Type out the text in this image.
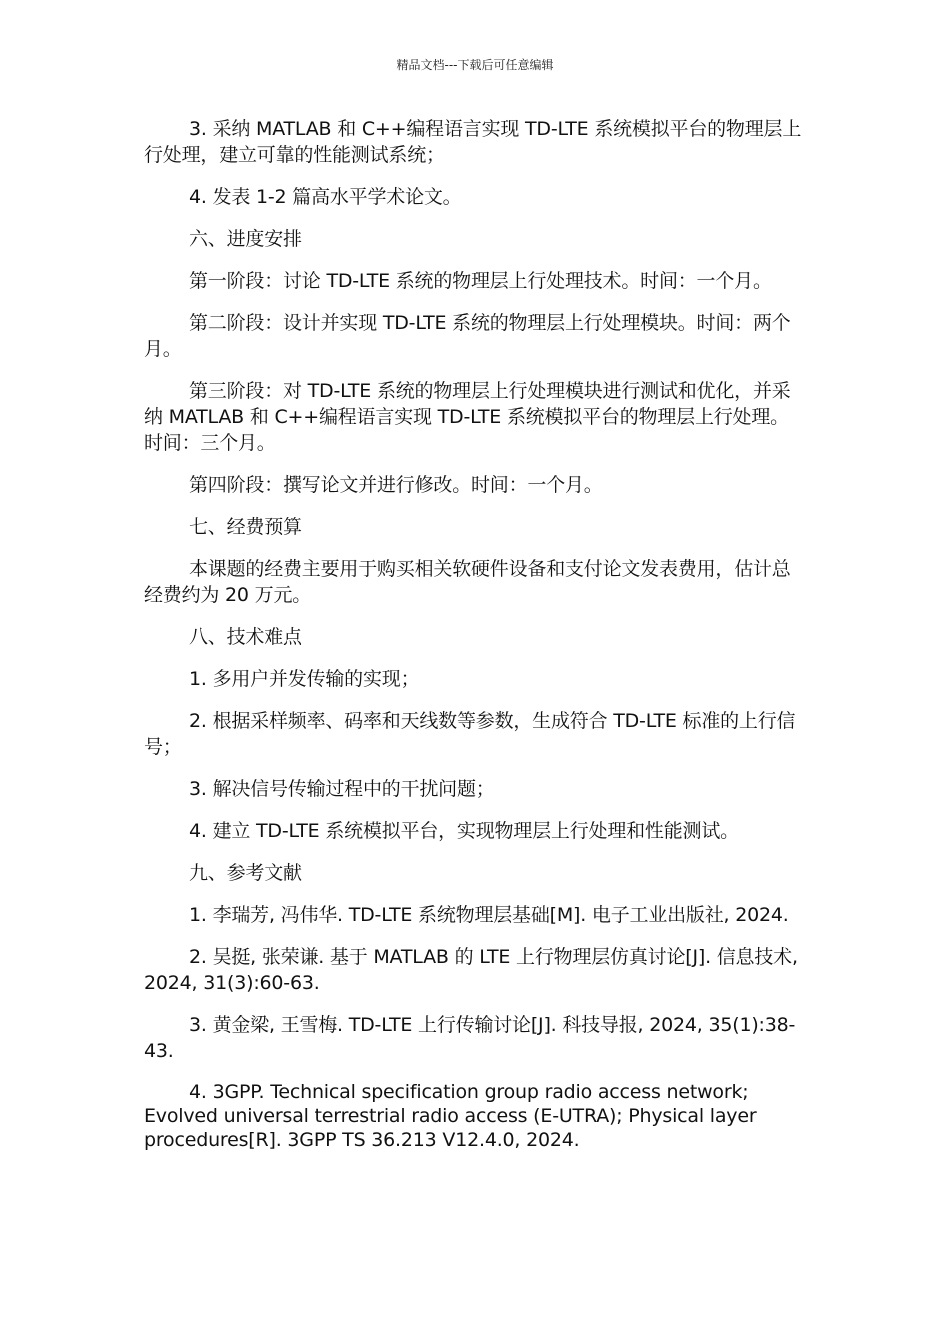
精品文档---下载后可任意编辑

3. 采纳 MATLAB 和 C++编程语言实现 TD-LTE 系统模拟平台的物理层上行处理，建立可靠的性能测试系统；

4. 发表 1-2 篇高水平学术论文。

六、进度安排

第一阶段：讨论 TD-LTE 系统的物理层上行处理技术。时间：一个月。

第二阶段：设计并实现 TD-LTE 系统的物理层上行处理模块。时间：两个月。

第三阶段：对 TD-LTE 系统的物理层上行处理模块进行测试和优化，并采纳 MATLAB 和 C++编程语言实现 TD-LTE 系统模拟平台的物理层上行处理。时间：三个月。

第四阶段：撰写论文并进行修改。时间：一个月。

七、经费预算

本课题的经费主要用于购买相关软硬件设备和支付论文发表费用，估计总经费约为 20 万元。

八、技术难点

1. 多用户并发传输的实现；

2. 根据采样频率、码率和天线数等参数，生成符合 TD-LTE 标准的上行信号；

3. 解决信号传输过程中的干扰问题；

4. 建立 TD-LTE 系统模拟平台，实现物理层上行处理和性能测试。

九、参考文献

1. 李瑞芳, 冯伟华. TD-LTE 系统物理层基础[M]. 电子工业出版社, 2024.

2. 吴挺, 张荣谦. 基于 MATLAB 的 LTE 上行物理层仿真讨论[J]. 信息技术, 2024, 31(3):60-63.

3. 黄金梁, 王雪梅. TD-LTE 上行传输讨论[J]. 科技导报, 2024, 35(1):38-43.

4. 3GPP. Technical specification group radio access network; Evolved universal terrestrial radio access (E-UTRA); Physical layer procedures[R]. 3GPP TS 36.213 V12.4.0, 2024.
